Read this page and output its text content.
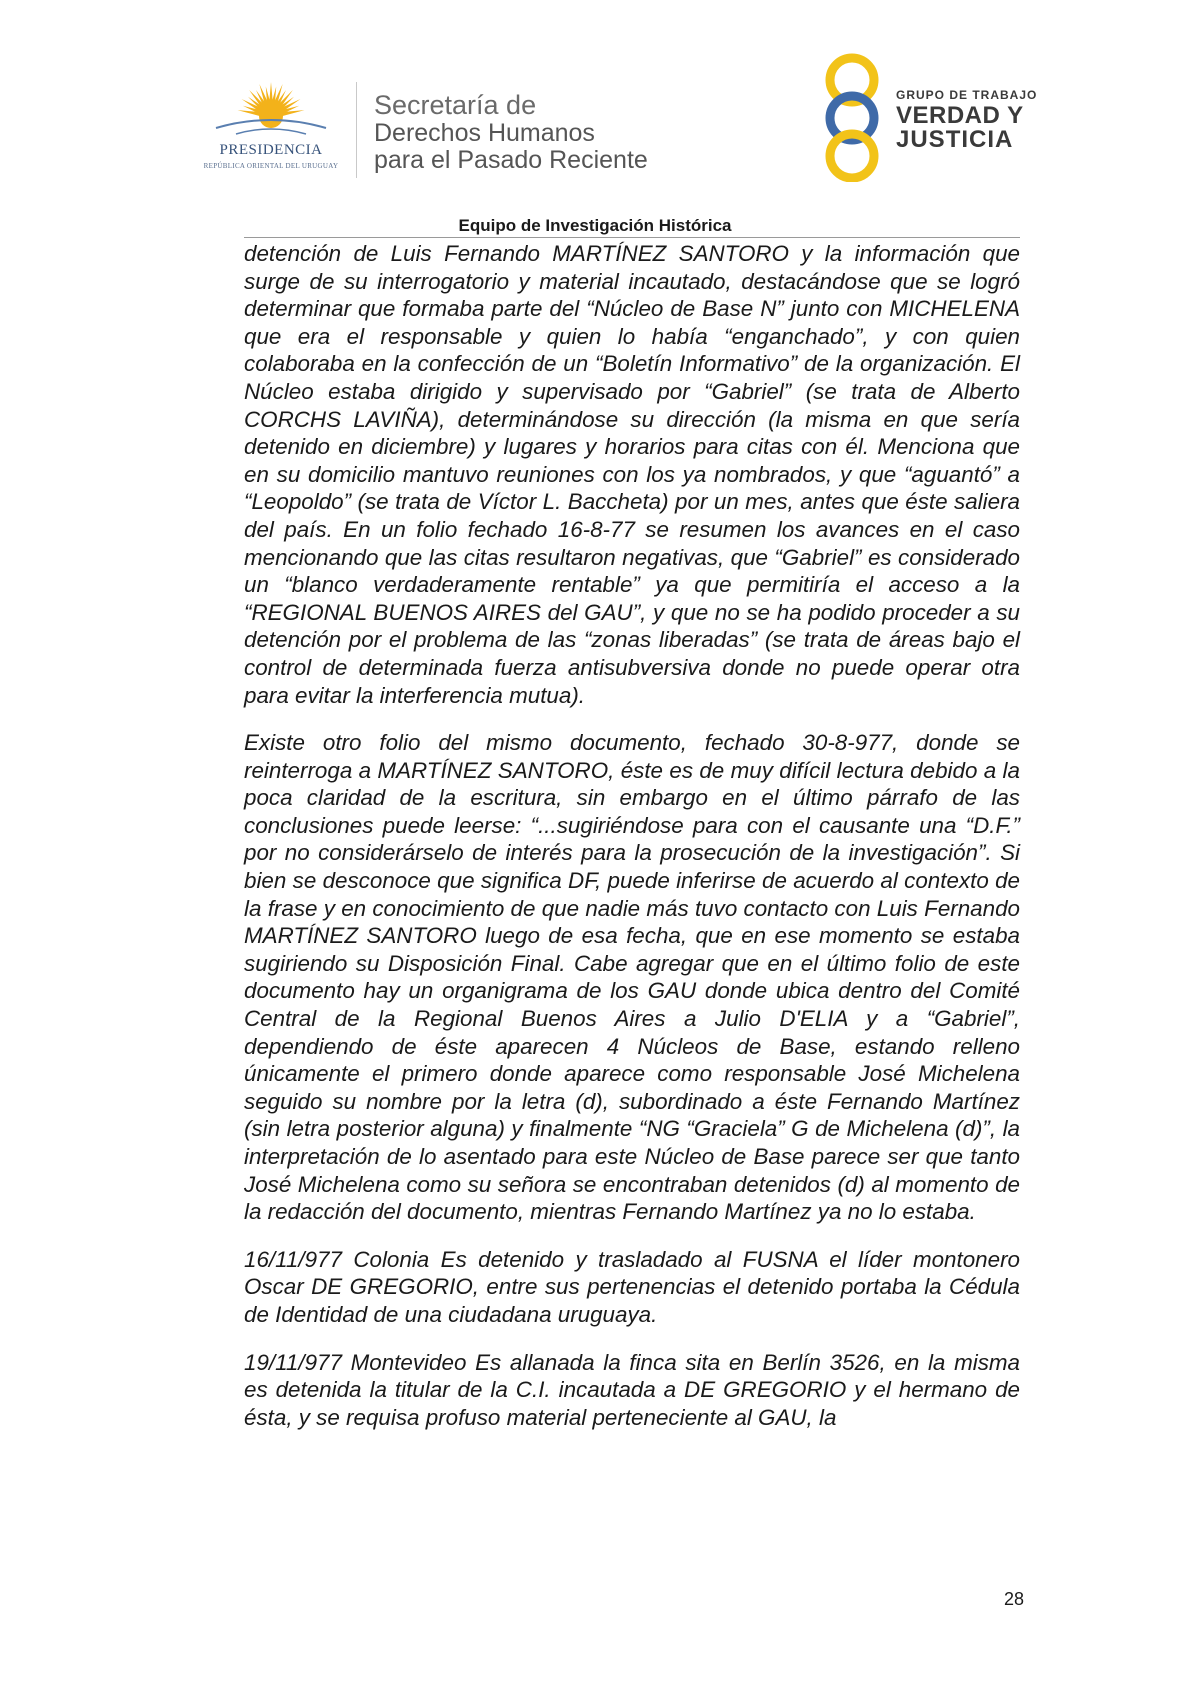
PRESIDENCIA
REPÚBLICA ORIENTAL DEL URUGUAY
Secretaría de
Derechos Humanos
para el Pasado Reciente
GRUPO DE TRABAJO
VERDAD Y
JUSTICIA
Equipo de Investigación Histórica

detención de Luis Fernando MARTÍNEZ SANTORO y la información que surge de su interrogatorio y material incautado, destacándose que se logró determinar que formaba parte del “Núcleo de Base N” junto con MICHELENA que era el responsable y quien lo había “enganchado”, y con quien colaboraba en la confección de un “Boletín Informativo” de la organización. El Núcleo estaba dirigido y supervisado por “Gabriel” (se trata de Alberto CORCHS LAVIÑA), determinándose su dirección (la misma en que sería detenido en diciembre) y lugares y horarios para citas con él. Menciona que en su domicilio mantuvo reuniones con los ya nombrados, y que “aguantó” a “Leopoldo” (se trata de Víctor L. Baccheta) por un mes, antes que éste saliera del país. En un folio fechado 16-8-77 se resumen los avances en el caso mencionando que las citas resultaron negativas, que “Gabriel” es considerado un “blanco verdaderamente rentable” ya que permitiría el acceso a la “REGIONAL BUENOS AIRES del GAU”, y que no se ha podido proceder a su detención por el problema de las “zonas liberadas” (se trata de áreas bajo el control de determinada fuerza antisubversiva donde no puede operar otra para evitar la interferencia mutua).

Existe otro folio del mismo documento, fechado 30-8-977, donde se reinterroga a MARTÍNEZ SANTORO, éste es de muy difícil lectura debido a la poca claridad de la escritura, sin embargo en el último párrafo de las conclusiones puede leerse: “...sugiriéndose para con el causante una “D.F.” por no considerárselo de interés para la prosecución de la investigación”. Si bien se desconoce que significa DF, puede inferirse de acuerdo al contexto de la frase y en conocimiento de que nadie más tuvo contacto con Luis Fernando MARTÍNEZ SANTORO luego de esa fecha, que en ese momento se estaba sugiriendo su Disposición Final. Cabe agregar que en el último folio de este documento hay un organigrama de los GAU donde ubica dentro del Comité Central de la Regional Buenos Aires a Julio D'ELIA y a “Gabriel”, dependiendo de éste aparecen 4 Núcleos de Base, estando relleno únicamente el primero donde aparece como responsable José Michelena seguido su nombre por la letra (d), subordinado a éste Fernando Martínez (sin letra posterior alguna) y finalmente “NG “Graciela” G de Michelena (d)”, la interpretación de lo asentado para este Núcleo de Base parece ser que tanto José Michelena como su señora se encontraban detenidos (d) al momento de la redacción del documento, mientras Fernando Martínez ya no lo estaba.

16/11/977 Colonia Es detenido y trasladado al FUSNA el líder montonero Oscar DE GREGORIO, entre sus pertenencias el detenido portaba la Cédula de Identidad de una ciudadana uruguaya.

19/11/977 Montevideo Es allanada la finca sita en Berlín 3526, en la misma es detenida la titular de la C.I. incautada a DE GREGORIO y el hermano de ésta, y se requisa profuso material perteneciente al GAU, la

28
